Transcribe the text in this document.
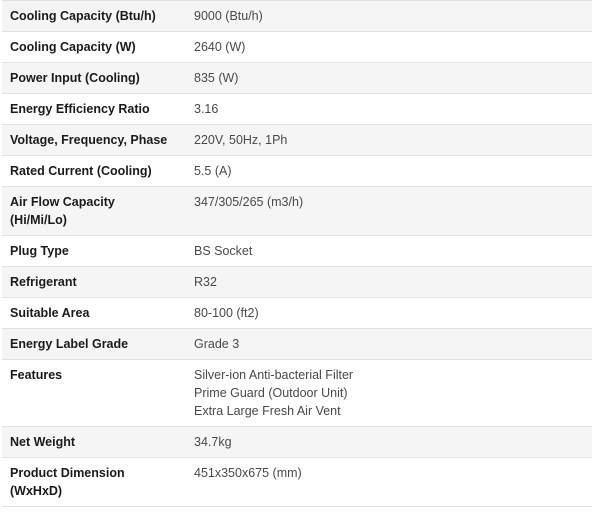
Cooling Capacity (Btu/h)	9000 (Btu/h)

Cooling Capacity (W)	2640 (W)

Power Input (Cooling)	835 (W)

Energy Efficiency Ratio	3.16

Voltage, Frequency, Phase	220V, 50Hz, 1Ph

Rated Current (Cooling)	5.5 (A)

Air Flow Capacity (Hi/Mi/Lo)	347/305/265 (m3/h)

Plug Type	BS Socket

Refrigerant	R32

Suitable Area	80-100 (ft2)

Energy Label Grade	Grade 3

Features	Silver-ion Anti-bacterial Filter
Prime Guard (Outdoor Unit)
Extra Large Fresh Air Vent

Net Weight	34.7kg

Product Dimension (WxHxD)	451x350x675 (mm)
